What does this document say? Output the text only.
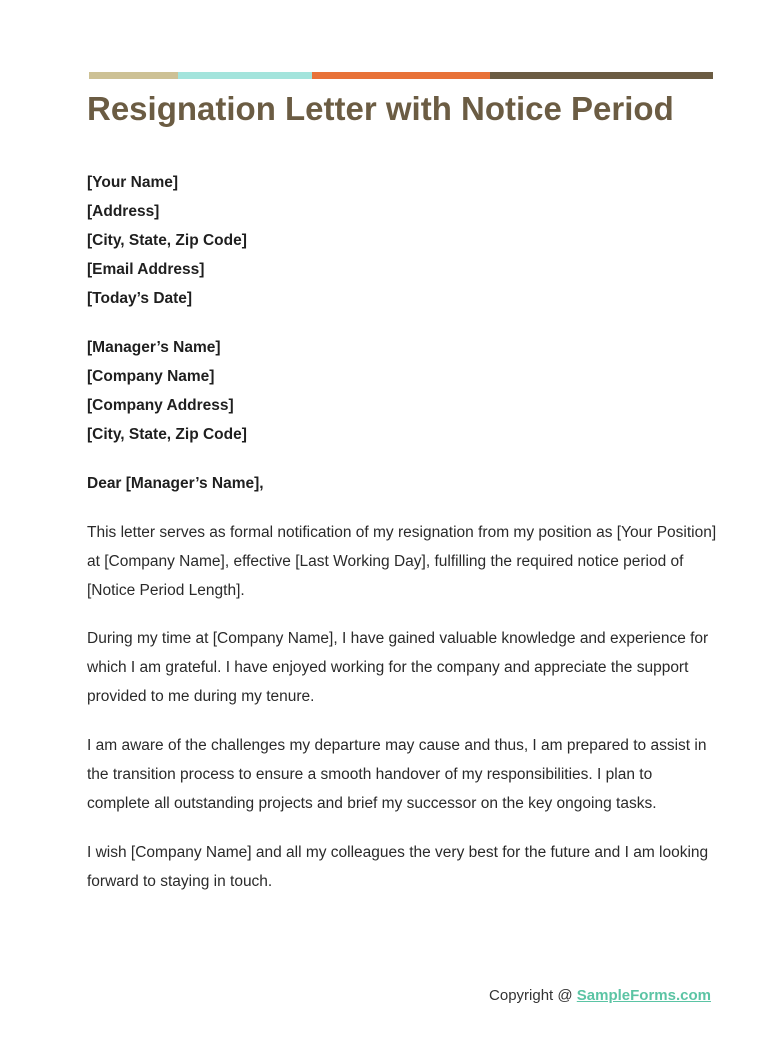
Resignation Letter with Notice Period
[Your Name]
[Address]
[City, State, Zip Code]
[Email Address]
[Today’s Date]
[Manager’s Name]
[Company Name]
[Company Address]
[City, State, Zip Code]
Dear [Manager’s Name],

This letter serves as formal notification of my resignation from my position as [Your Position] at [Company Name], effective [Last Working Day], fulfilling the required notice period of [Notice Period Length].

During my time at [Company Name], I have gained valuable knowledge and experience for which I am grateful. I have enjoyed working for the company and appreciate the support provided to me during my tenure.

I am aware of the challenges my departure may cause and thus, I am prepared to assist in the transition process to ensure a smooth handover of my responsibilities. I plan to complete all outstanding projects and brief my successor on the key ongoing tasks.

I wish [Company Name] and all my colleagues the very best for the future and I am looking forward to staying in touch.

Copyright @ SampleForms.com
